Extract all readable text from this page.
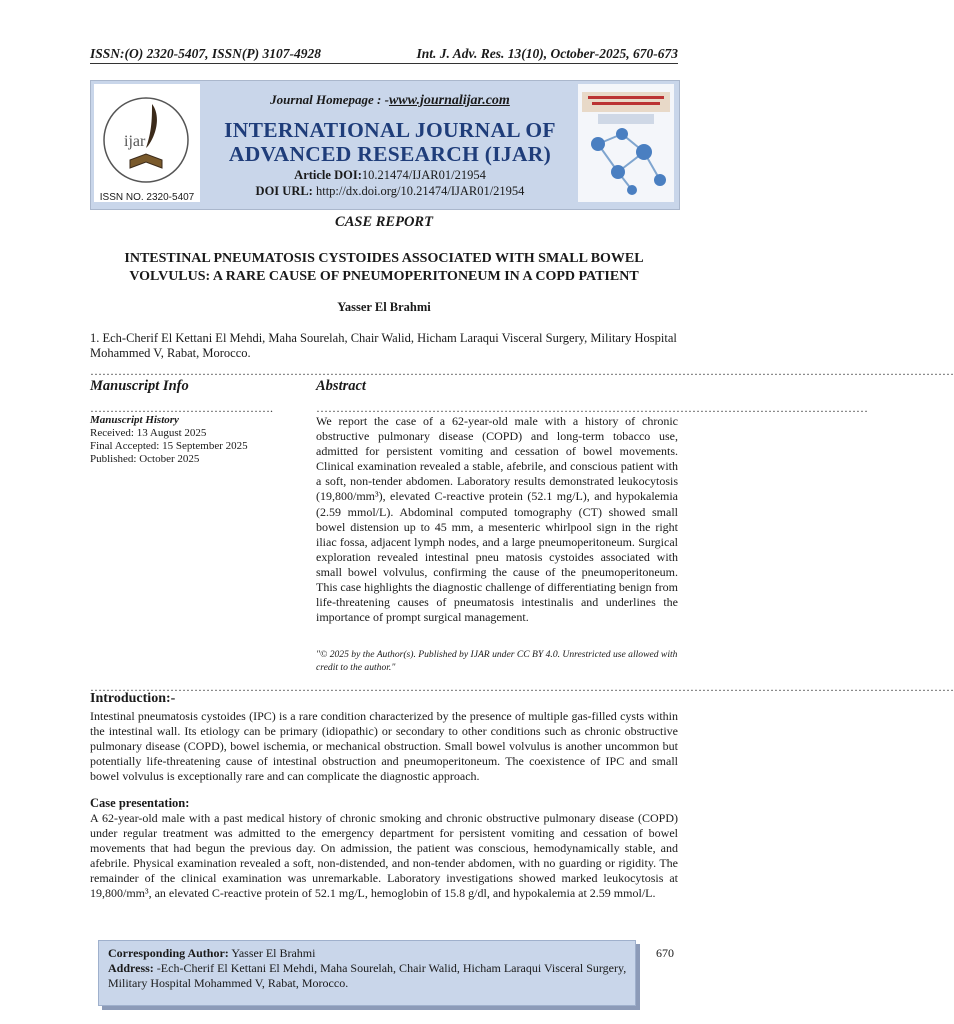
ISSN:(O) 2320-5407, ISSN(P) 3107-4928	Int. J. Adv. Res. 13(10), October-2025, 670-673
ijar
ISSN NO. 2320-5407
Journal Homepage : -www.journalijar.com
INTERNATIONAL JOURNAL OF
ADVANCED RESEARCH (IJAR)
Article DOI:10.21474/IJAR01/21954
DOI URL: http://dx.doi.org/10.21474/IJAR01/21954
CASE REPORT
INTESTINAL PNEUMATOSIS CYSTOIDES ASSOCIATED WITH SMALL BOWEL
VOLVULUS: A RARE CAUSE OF PNEUMOPERITONEUM IN A COPD PATIENT
Yasser El Brahmi
1. Ech-Cherif El Kettani El Mehdi, Maha Sourelah, Chair Walid, Hicham Laraqui Visceral Surgery, Military Hospital Mohammed V, Rabat, Morocco.
………………………………………………………………………………………………………………………………………………………………………………………………
Manuscript Info	Abstract
……………………………………….	…………………………………………………………………………………………………………………………
Manuscript History
Received: 13 August 2025
Final Accepted: 15 September 2025
Published: October 2025
We report the case of a 62-year-old male with a history of chronic obstructive pulmonary disease (COPD) and long-term tobacco use, admitted for persistent vomiting and cessation of bowel movements. Clinical examination revealed a stable, afebrile, and conscious patient with a soft, non-tender abdomen. Laboratory results demonstrated leukocytosis (19,800/mm³), elevated C-reactive protein (52.1 mg/L), and hypokalemia (2.59 mmol/L). Abdominal computed tomography (CT) showed small bowel distension up to 45 mm, a mesenteric whirlpool sign in the right iliac fossa, adjacent lymph nodes, and a large pneumoperitoneum. Surgical exploration revealed intestinal pneu matosis cystoides associated with small bowel volvulus, confirming the cause of the pneumoperitoneum. This case highlights the diagnostic challenge of differentiating benign from life-threatening causes of pneumatosis intestinalis and underlines the importance of prompt surgical management.
"© 2025 by the Author(s). Published by IJAR under CC BY 4.0. Unrestricted use allowed with credit to the author."
………………………………………………………………………………………………………………………………………………………………………………………………
Introduction:-
Intestinal pneumatosis cystoides (IPC) is a rare condition characterized by the presence of multiple gas-filled cysts within the intestinal wall. Its etiology can be primary (idiopathic) or secondary to other conditions such as chronic obstructive pulmonary disease (COPD), bowel ischemia, or mechanical obstruction. Small bowel volvulus is another uncommon but potentially life-threatening cause of intestinal obstruction and pneumoperitoneum. The coexistence of IPC and small bowel volvulus is exceptionally rare and can complicate the diagnostic approach.
Case presentation:
A 62-year-old male with a past medical history of chronic smoking and chronic obstructive pulmonary disease (COPD) under regular treatment was admitted to the emergency department for persistent vomiting and cessation of bowel movements that had begun the previous day. On admission, the patient was conscious, hemodynamically stable, and afebrile. Physical examination revealed a soft, non-distended, and non-tender abdomen, with no guarding or rigidity. The remainder of the clinical examination was unremarkable. Laboratory investigations showed marked leukocytosis at 19,800/mm³, an elevated C-reactive protein of 52.1 mg/L, hemoglobin of 15.8 g/dl, and hypokalemia at 2.59 mmol/L.
Corresponding Author: Yasser El Brahmi
Address: -Ech-Cherif El Kettani El Mehdi, Maha Sourelah, Chair Walid, Hicham Laraqui Visceral Surgery, Military Hospital Mohammed V, Rabat, Morocco.
670
